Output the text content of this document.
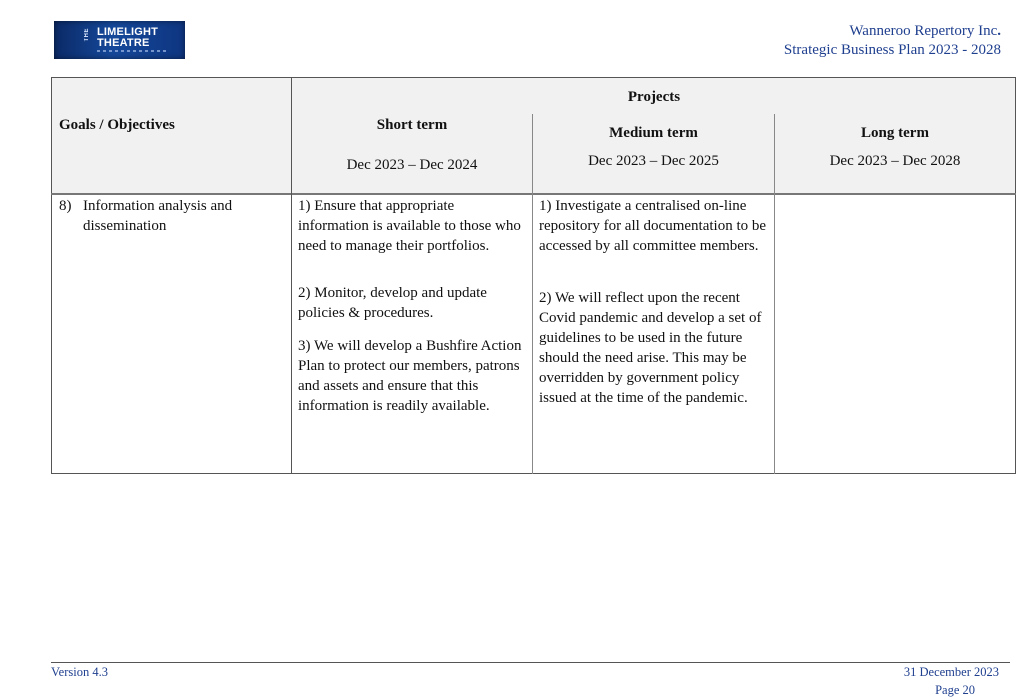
THE LIMELIGHT
THEATRE
Wanneroo Repertory Inc.
Strategic Business Plan 2023 - 2028
Goals / Objectives
Projects
Short term
Dec 2023 – Dec 2024
Medium term
Dec 2023 – Dec 2025
Long term
Dec 2023 – Dec 2028
8) Information analysis and dissemination
1) Ensure that appropriate information is available to those who need to manage their portfolios.
2) Monitor, develop and update policies & procedures.
3) We will develop a Bushfire Action Plan to protect our members, patrons and assets and ensure that this information is readily available.
1) Investigate a centralised on-line repository for all documentation to be accessed by all committee members.
2) We will reflect upon the recent Covid pandemic and develop a set of guidelines to be used in the future should the need arise. This may be overridden by government policy issued at the time of the pandemic.
Version 4.3	31 December 2023
Page 20
